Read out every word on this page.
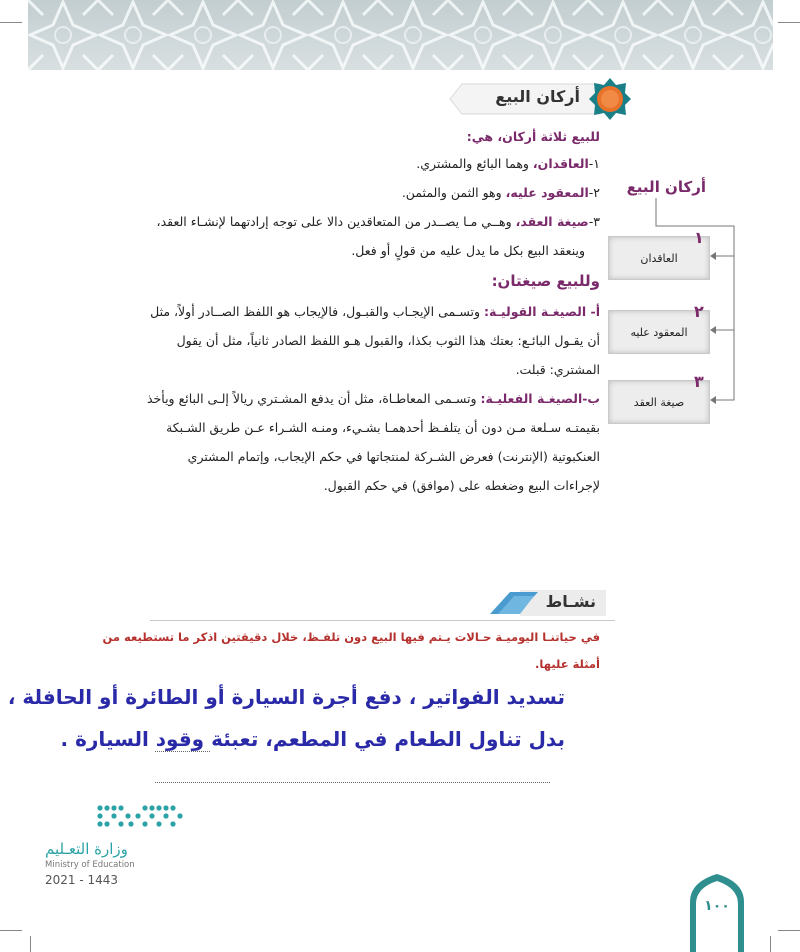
أركان البيع
للبيع ثلاثة أركان، هي:
١-العاقدان، وهما البائع والمشتري.
٢-المعقود عليه، وهو الثمن والمثمن.
٣-صيغة العقد، وهــي مـا يصــدر من المتعاقدين دالا على توجه إرادتهما لإنشـاء العقد،
وينعقد البيع بكل ما يدل عليه من قولٍ أو فعل.
وللبيع صيغتان:
أ- الصيغـة القوليـة: وتسـمى الإيجـاب والقبـول، فالإيجاب هو اللفظ الصــادر أولاً، مثل
أن يقـول البائـع: بعتك هذا الثوب بكذا، والقبول هـو اللفظ الصادر ثانياً، مثل أن يقول
المشتري: قبلت.
ب-الصيغـة الفعليـة: وتسـمى المعاطـاة، مثل أن يدفع المشـتري ريالاً إلـى البائع ويأخذ
بقيمتـه سـلعة مـن دون أن يتلفـظ أحدهمـا بشـيء، ومنـه الشـراء عـن طريق الشـبكة
العنكبوتية (الإنترنت) فعرض الشـركة لمنتجاتها في حكم الإيجاب، وإتمام المشتري
لإجراءات البيع وضغطه على (موافق) في حكم القبول.
أركان البيع
العاقدان
١
المعقود عليه
٢
صيغة العقد
٣
نشـاط
في حياتنـا اليوميـة حـالات يـتم فيها البيع دون تلفـظ، خلال دقيقتين اذكر ما تستطيعه من
أمثلة عليها.
تسديد الفواتير ، دفع أجرة السيارة أو الطائرة أو الحافلة ،
بدل تناول الطعام في المطعم، تعبئة وقود السيارة .
وزارة التعـليم
Ministry of Education
2021 - 1443
١٠٠
